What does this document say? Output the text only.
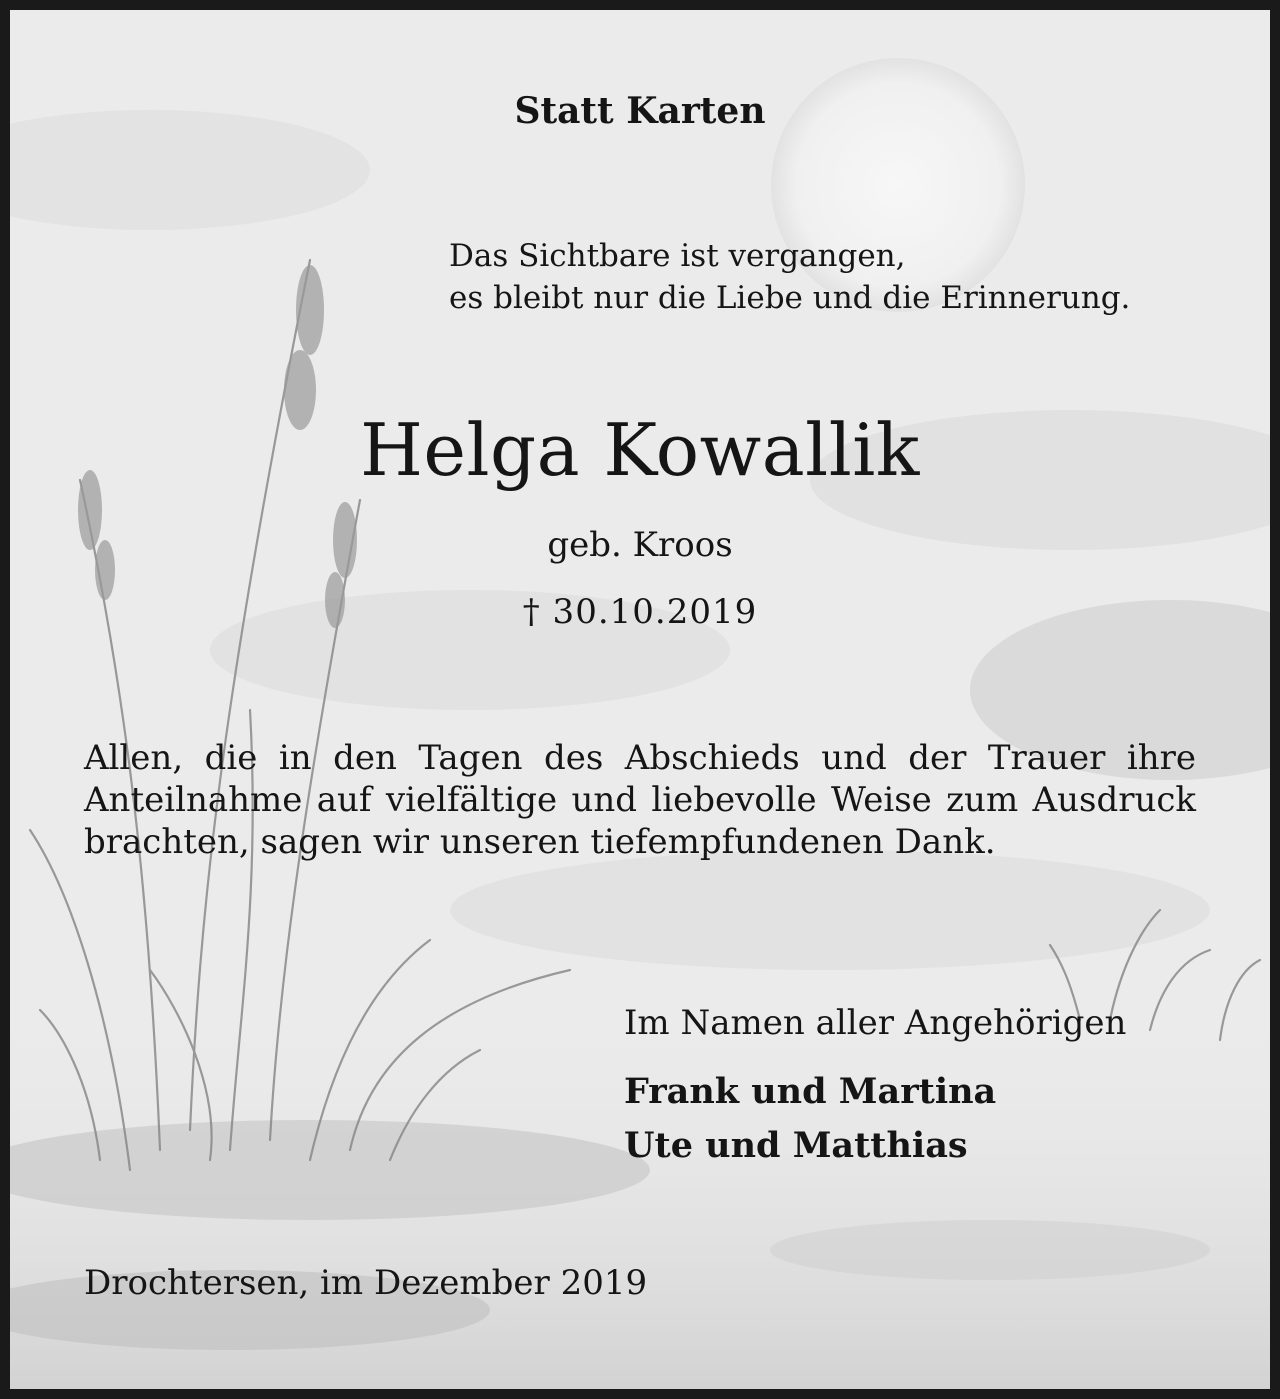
Statt Karten

Das Sichtbare ist vergangen,
es bleibt nur die Liebe und die Erinnerung.

Helga Kowallik

geb. Kroos

† 30.10.2019

Allen, die in den Tagen des Abschieds und der Trauer ihre Anteilnahme auf vielfältige und liebevolle Weise zum Ausdruck brachten, sagen wir unseren tiefempfundenen Dank.

Im Namen aller Angehörigen

Frank und Martina

Ute und Matthias

Drochtersen, im Dezember 2019
